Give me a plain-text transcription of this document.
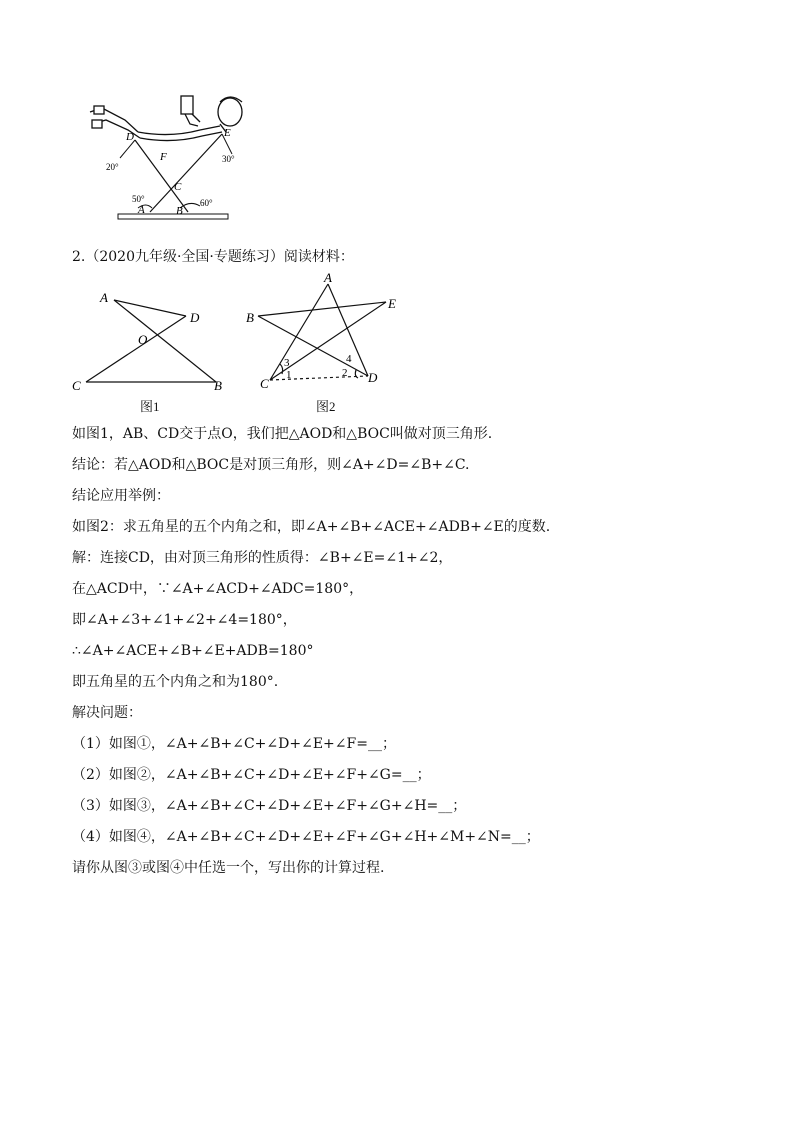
D	E
F
C
A	B
20°
30°
50°	60°
2.（2020九年级·全国·专题练习）阅读材料：
A
D
O
C	B
图1
A
B
E
C	D
1	2
3	4
图2
如图1，AB、CD交于点O，我们把△AOD和△BOC叫做对顶三角形.
结论：若△AOD和△BOC是对顶三角形，则∠A+∠D=∠B+∠C.
结论应用举例：
如图2：求五角星的五个内角之和，即∠A+∠B+∠ACE+∠ADB+∠E的度数.
解：连接CD，由对顶三角形的性质得：∠B+∠E=∠1+∠2，
在△ACD中，∵∠A+∠ACD+∠ADC=180°，
即∠A+∠3+∠1+∠2+∠4=180°，
∴∠A+∠ACE+∠B+∠E+ADB=180°
即五角星的五个内角之和为180°.
解决问题：
（1）如图①，∠A+∠B+∠C+∠D+∠E+∠F=__；
（2）如图②，∠A+∠B+∠C+∠D+∠E+∠F+∠G=__；
（3）如图③，∠A+∠B+∠C+∠D+∠E+∠F+∠G+∠H=__；
（4）如图④，∠A+∠B+∠C+∠D+∠E+∠F+∠G+∠H+∠M+∠N=__；
请你从图③或图④中任选一个，写出你的计算过程.
